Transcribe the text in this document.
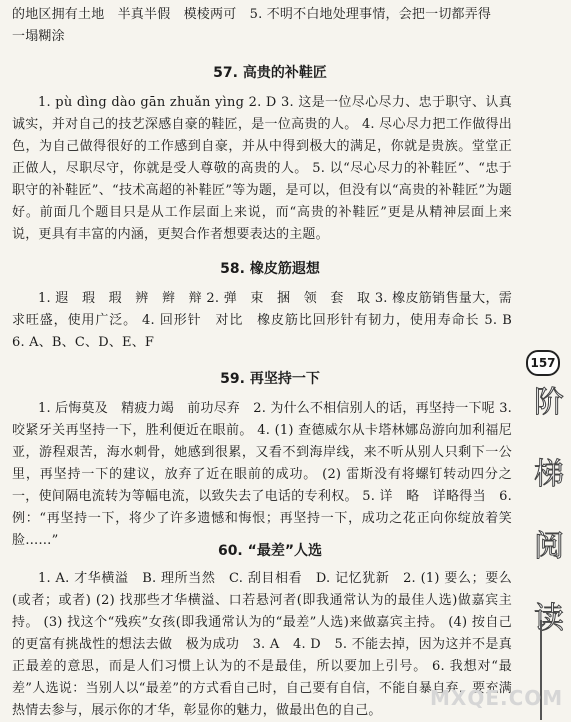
的地区拥有土地　半真半假　模棱两可　5. 不明不白地处理事情，会把一切都弄得
一塌糊涂
57. 高贵的补鞋匠
1. pù dìng dào gān zhuǎn yìng 2. D 3. 这是一位尽心尽力、忠于职守、认真诚实，并对自己的技艺深感自豪的鞋匠，是一位高贵的人。 4. 尽心尽力把工作做得出色，为自己做得很好的工作感到自豪，并从中得到极大的满足，你就是贵族。堂堂正正做人，尽职尽守，你就是受人尊敬的高贵的人。 5. 以“尽心尽力的补鞋匠”、“忠于职守的补鞋匠”、“技术高超的补鞋匠”等为题，是可以，但没有以“高贵的补鞋匠”为题好。前面几个题目只是从工作层面上来说，而“高贵的补鞋匠”更是从精神层面上来说，更具有丰富的内涵，更契合作者想要表达的主题。
58. 橡皮筋遐想
1. 遐　瑕　瑕　辨　辫　辩 2. 弹　束　捆　领　套　取 3. 橡皮筋销售量大，需求旺盛，使用广泛。 4. 回形针　对比　橡皮筋比回形针有韧力，使用寿命长 5. B　6. A、B、C、D、E、F
59. 再坚持一下
1. 后悔莫及　精疲力竭　前功尽弃　2. 为什么不相信别人的话，再坚持一下呢 3. 咬紧牙关再坚持一下，胜利便近在眼前。 4. (1) 查德威尔从卡塔林娜岛游向加利福尼亚，游程艰苦，海水刺骨，她感到很累，又看不到海岸线，来不听从别人只剩下一公里，再坚持一下的建议，放弃了近在眼前的成功。 (2) 雷斯没有将螺钉转动四分之一，使间隔电流转为等幅电流，以致失去了电话的专利权。 5. 详　略　详略得当　6. 例：“再坚持一下，将少了许多遗憾和悔恨；再坚持一下，成功之花正向你绽放着笑脸……”
60. “最差”人选
1. A. 才华横溢　B. 理所当然　C. 刮目相看　D. 记忆犹新　2. (1) 要么；要么(或者；或者) (2) 找那些才华横溢、口若悬河者(即我通常认为的最佳人选)做嘉宾主持。 (3) 找这个“残疾”女孩(即我通常认为的“最差”人选)来做嘉宾主持。 (4) 按自己的更富有挑战性的想法去做　极为成功　3. A　4. D　5. 不能去掉，因为这并不是真正最差的意思，而是人们习惯上认为的不是最佳，所以要加上引号。 6. 我想对“最差”人选说：当别人以“最差”的方式看自己时，自己要有自信，不能自暴自弃，要充满热情去参与，展示你的才华，彰显你的魅力，做最出色的自己。
157
阶
梯
阅
读
MXQE.COM
